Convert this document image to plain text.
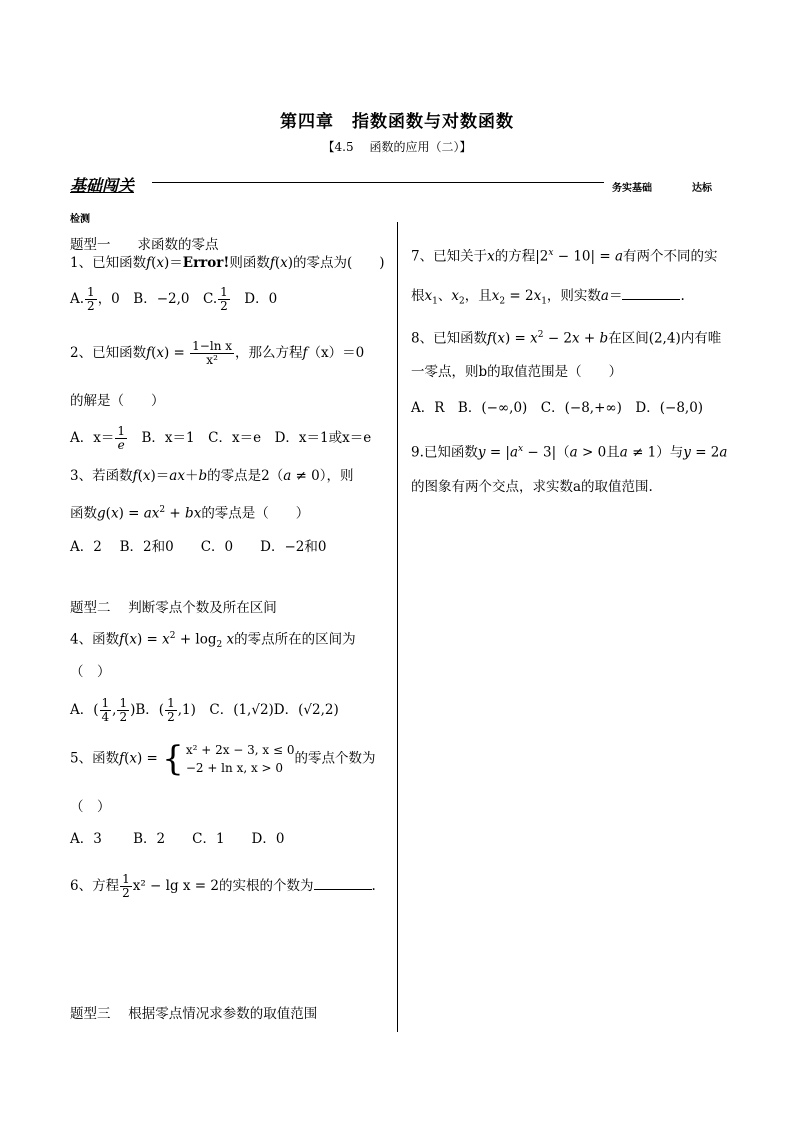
第四章　指数函数与对数函数
【4.5　 函数的应用（二）】
基础闯关	务实基础	达标
检测
题型一　　求函数的零点
1、已知函数f(x)＝Error!则函数f(x)的零点为(　　)
A. $\frac{1}{2}$ ，0　B．−2,0　C. $\frac{1}{2}$ 　D．0
2、已知函数$f(x) = \frac{\text{1−ln x}}{\text{x²}}$ ，那么方程f（x）＝0
的解是（　　）
A．$x= \frac{1}{e}$ 　B．x＝1　C．x＝e　D．x＝1或x＝e
3、若函数f(x)＝ax＋b的零点是2（a ≠ 0），则
函数$g(x) = ax^2$ + bx的零点是（　　）
A．2　 B．2和0　　C．0　　D．−2和0
题型二　 判断零点个数及所在区间
4、函数$f(x) = x^2 + \log_2 x$的零点所在的区间为
（　）
A．( $\frac{1}{4}$ , $\frac{1}{2} )B$．( $\frac{1}{2} ,1$)　C．(1,√2)D．(√2,2)
5、函数f(x) = { x² + 2x − 3, x ≤ 0
−2 + ln x, x > 0
的零点个数为
（　）
A．3　　 B．2　　C．1　　D．0
6、方程 $\frac{1}{2} x^2 - \lg x = 2$的实根的个数为	.
题型三　 根据零点情况求参数的取值范围
7、已知关于x的方程$|2^x - 10| = a$有两个不同的实
根$x_1$、$x_2$，且$x_2 = 2x_1$，则实数a＝	.
8、已知函数$f(x) = x^2 - 2x + b$在区间(2,4)内有唯
一零点，则b的取值范围是（　　）
A．R　B．(−∞,0)　C．(−8,+∞)　D．(−8,0)
9.已知函数$y = |a^x - 3|(a > 0$且a ≠ 1）与y = 2a
的图象有两个交点，求实数a的取值范围.
